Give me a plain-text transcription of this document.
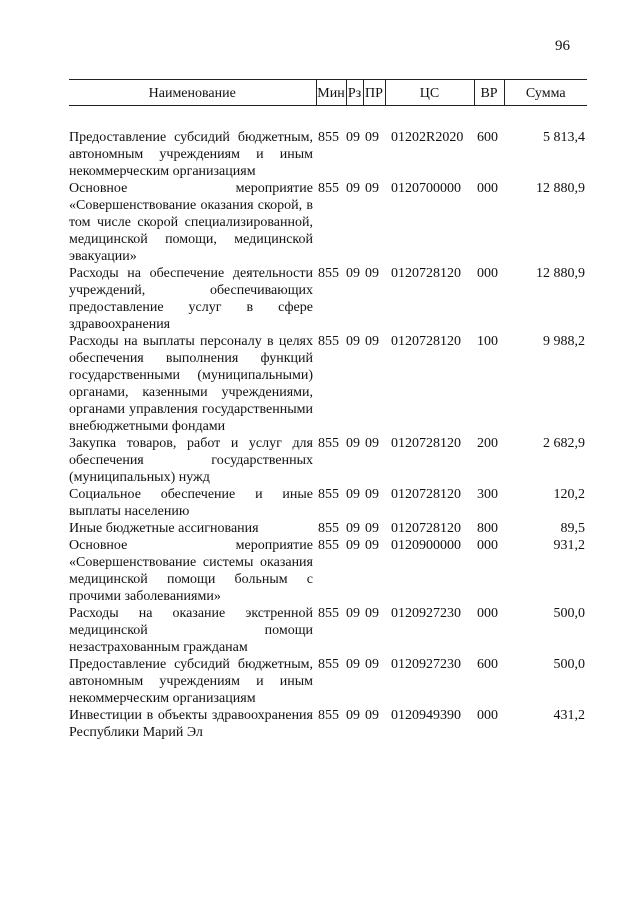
96
Наименование	Мин	Рз	ПР	ЦС	ВР	Сумма

Предоставление субсидий бюджетным, автономным учреждениям и иным некоммерческим организациям	855	09	09	01202R2020	600	5 813,4
Основное мероприятие «Совершенствование оказания скорой, в том числе скорой специализированной, медицинской помощи, медицинской эвакуации»	855	09	09	0120700000	000	12 880,9
Расходы на обеспечение деятельности учреждений, обеспечивающих предоставление услуг в сфере здравоохранения	855	09	09	0120728120	000	12 880,9
Расходы на выплаты персоналу в целях обеспечения выполнения функций государственными (муниципальными) органами, казенными учреждениями, органами управления государственными внебюджетными фондами	855	09	09	0120728120	100	9 988,2
Закупка товаров, работ и услуг для обеспечения государственных (муниципальных) нужд	855	09	09	0120728120	200	2 682,9
Социальное обеспечение и иные выплаты населению	855	09	09	0120728120	300	120,2
Иные бюджетные ассигнования	855	09	09	0120728120	800	89,5
Основное мероприятие «Совершенствование системы оказания медицинской помощи больным с прочими заболеваниями»	855	09	09	0120900000	000	931,2
Расходы на оказание экстренной медицинской помощи незастрахованным гражданам	855	09	09	0120927230	000	500,0
Предоставление субсидий бюджетным, автономным учреждениям и иным некоммерческим организациям	855	09	09	0120927230	600	500,0
Инвестиции в объекты здравоохранения Республики Марий Эл	855	09	09	0120949390	000	431,2
